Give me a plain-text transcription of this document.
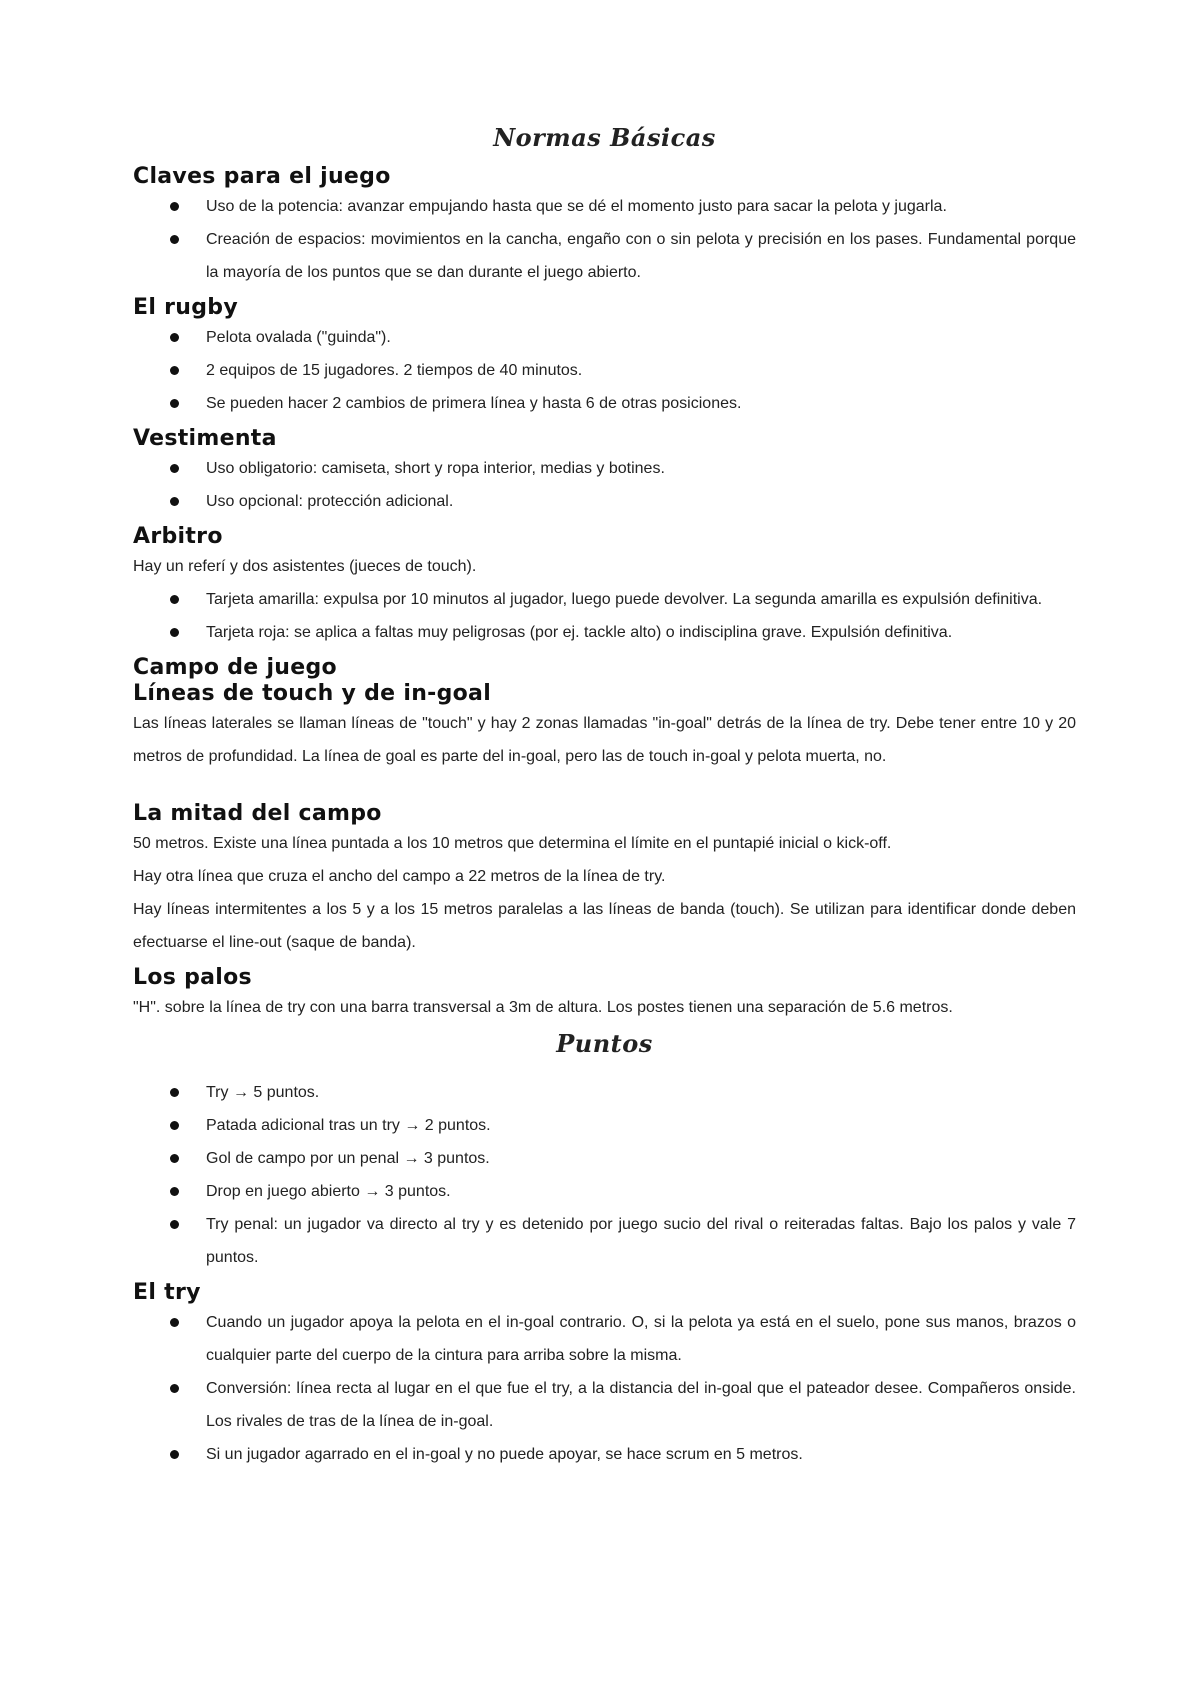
Normas Básicas
Claves para el juego
Uso de la potencia: avanzar empujando hasta que se dé el momento justo para sacar la pelota y jugarla.
Creación de espacios: movimientos en la cancha, engaño con o sin pelota y precisión en los pases. Fundamental porque la mayoría de los puntos que se dan durante el juego abierto.
El rugby
Pelota ovalada ("guinda").
2 equipos de 15 jugadores. 2 tiempos de 40 minutos.
Se pueden hacer 2 cambios de primera línea y hasta 6 de otras posiciones.
Vestimenta
Uso obligatorio: camiseta, short y ropa interior, medias y botines.
Uso opcional: protección adicional.
Arbitro

Hay un referí y dos asistentes (jueces de touch).

Tarjeta amarilla: expulsa por 10 minutos al jugador, luego puede devolver. La segunda amarilla es expulsión definitiva.
Tarjeta roja: se aplica a faltas muy peligrosas (por ej. tackle alto) o indisciplina grave. Expulsión definitiva.
Campo de juego
Líneas de touch y de in-goal

Las líneas laterales se llaman líneas de "touch" y hay 2 zonas llamadas "in-goal" detrás de la línea de try. Debe tener entre 10 y 20 metros de profundidad. La línea de goal es parte del in-goal, pero las de touch in-goal y pelota muerta, no.

La mitad del campo

50 metros. Existe una línea puntada a los 10 metros que determina el límite en el puntapié inicial o kick-off.

Hay otra línea que cruza el ancho del campo a 22 metros de la línea de try.

Hay líneas intermitentes a los 5 y a los 15 metros paralelas a las líneas de banda (touch). Se utilizan para identificar donde deben efectuarse el line-out (saque de banda).

Los palos

"H". sobre la línea de try con una barra transversal a 3m de altura. Los postes tienen una separación de 5.6 metros.

Puntos
Try → 5 puntos.
Patada adicional tras un try → 2 puntos.
Gol de campo por un penal → 3 puntos.
Drop en juego abierto → 3 puntos.
Try penal: un jugador va directo al try y es detenido por juego sucio del rival o reiteradas faltas. Bajo los palos y vale 7 puntos.
El try
Cuando un jugador apoya la pelota en el in-goal contrario. O, si la pelota ya está en el suelo, pone sus manos, brazos o cualquier parte del cuerpo de la cintura para arriba sobre la misma.
Conversión: línea recta al lugar en el que fue el try, a la distancia del in-goal que el pateador desee. Compañeros onside. Los rivales de tras de la línea de in-goal.
Si un jugador agarrado en el in-goal y no puede apoyar, se hace scrum en 5 metros.
